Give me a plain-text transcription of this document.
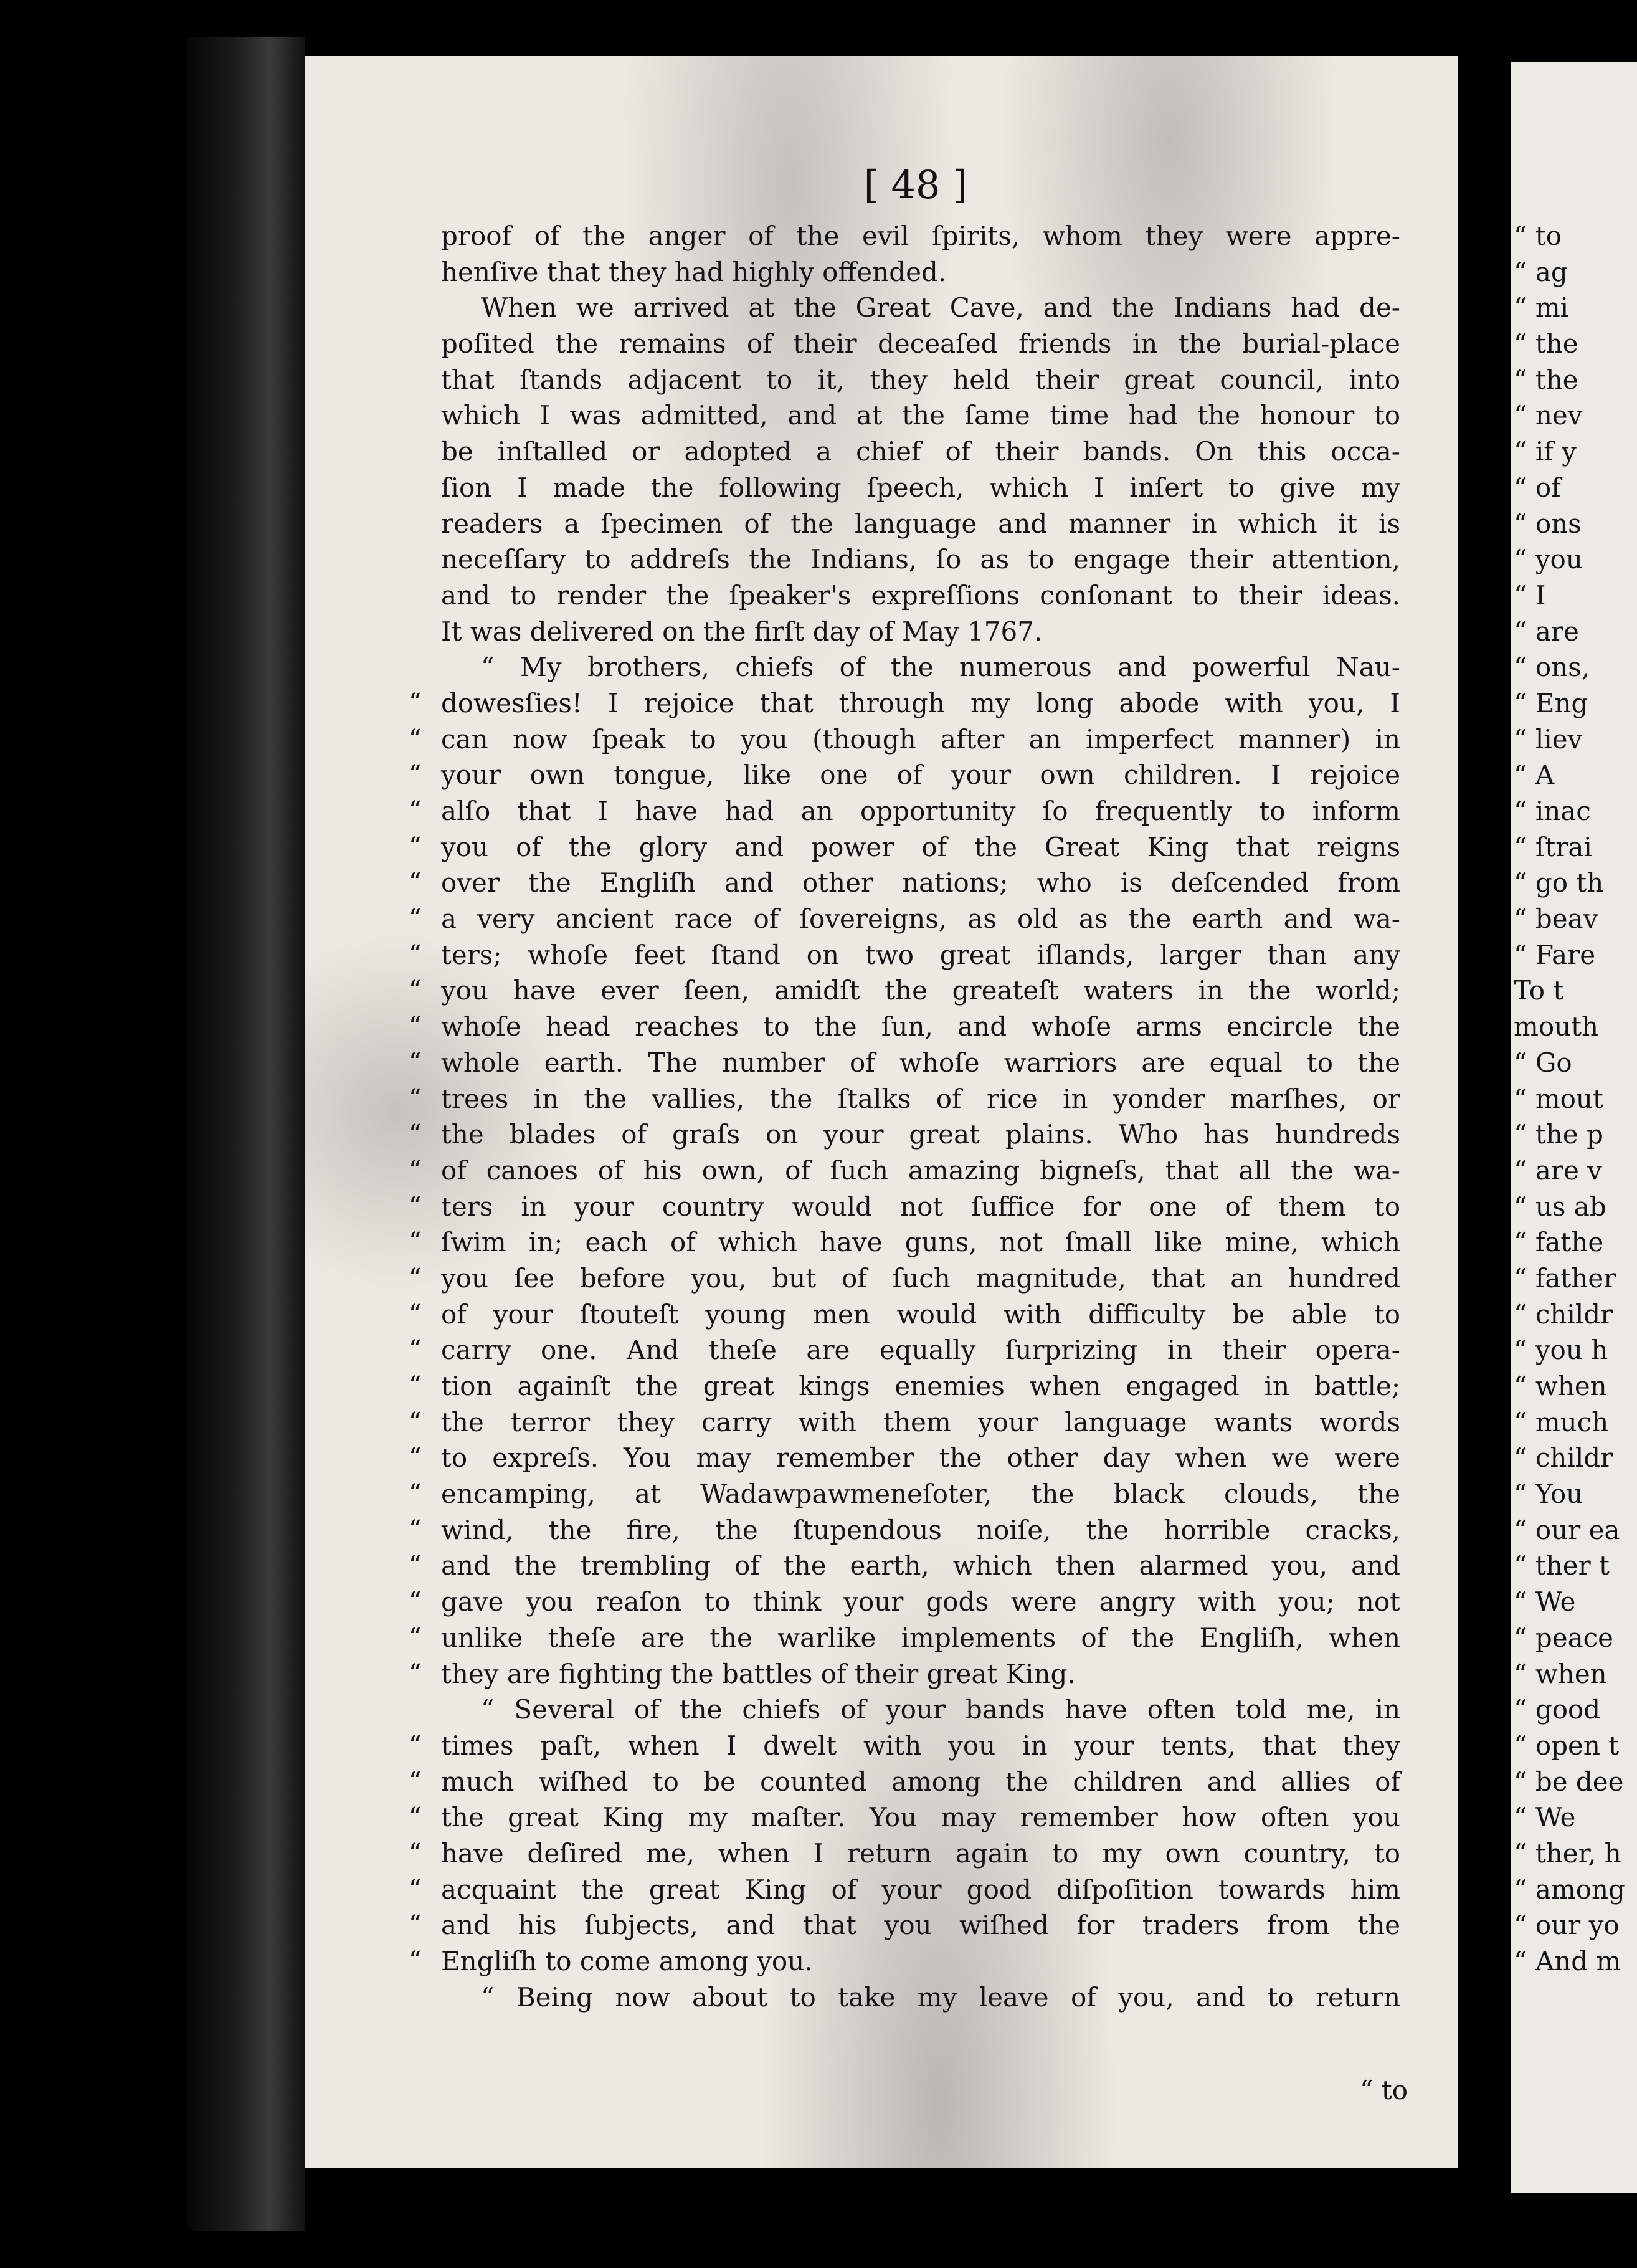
[ 48 ]
proof of the anger of the evil ſpirits, whom they were appre-
henſive that they had highly offended.
When we arrived at the Great Cave, and the Indians had de-
poſited the remains of their deceaſed friends in the burial-place
that ſtands adjacent to it, they held their great council, into
which I was admitted, and at the ſame time had the honour to
be inſtalled or adopted a chief of their bands. On this occa-
ſion I made the following ſpeech, which I inſert to give my
readers a ſpecimen of the language and manner in which it is
neceſſary to addreſs the Indians, ſo as to engage their attention,
and to render the ſpeaker's expreſſions conſonant to their ideas.
It was delivered on the firſt day of May 1767.
“ My brothers, chiefs of the numerous and powerful Nau-
“ dowesſies! I rejoice that through my long abode with you, I
“ can now ſpeak to you (though after an imperfect manner) in
“ your own tongue, like one of your own children. I rejoice
“ alſo that I have had an opportunity ſo frequently to inform
“ you of the glory and power of the Great King that reigns
“ over the Engliſh and other nations; who is deſcended from
“ a very ancient race of ſovereigns, as old as the earth and wa-
“ ters; whoſe feet ſtand on two great iſlands, larger than any
“ you have ever ſeen, amidſt the greateſt waters in the world;
“ whoſe head reaches to the ſun, and whoſe arms encircle the
“ whole earth. The number of whoſe warriors are equal to the
“ trees in the vallies, the ſtalks of rice in yonder marſhes, or
“ the blades of graſs on your great plains. Who has hundreds
“ of canoes of his own, of ſuch amazing bigneſs, that all the wa-
“ ters in your country would not ſuffice for one of them to
“ ſwim in; each of which have guns, not ſmall like mine, which
“ you ſee before you, but of ſuch magnitude, that an hundred
“ of your ſtouteſt young men would with difficulty be able to
“ carry one. And theſe are equally ſurprizing in their opera-
“ tion againſt the great kings enemies when engaged in battle;
“ the terror they carry with them your language wants words
“ to expreſs. You may remember the other day when we were
“ encamping, at Wadawpawmeneſoter, the black clouds, the
“ wind, the fire, the ſtupendous noiſe, the horrible cracks,
“ and the trembling of the earth, which then alarmed you, and
“ gave you reaſon to think your gods were angry with you; not
“ unlike theſe are the warlike implements of the Engliſh, when
“ they are fighting the battles of their great King.
“ Several of the chiefs of your bands have often told me, in
“ times paſt, when I dwelt with you in your tents, that they
“ much wiſhed to be counted among the children and allies of
“ the great King my maſter. You may remember how often you
“ have deſired me, when I return again to my own country, to
“ acquaint the great King of your good diſpoſition towards him
“ and his ſubjects, and that you wiſhed for traders from the
“ Engliſh to come among you.
“ Being now about to take my leave of you, and to return
“ to
“ to
“ ag
“ mi
“ the
“ the
“ nev
“ if y
“ of
“ ons
“ you
“ I
“ are
“ ons,
“ Eng
“ liev
“ A
“ inac
“ ſtrai
“ go th
“ beav
“ Fare
To t
mouth
“ Go
“ mout
“ the p
“ are v
“ us ab
“ fathe
“ father
“ childr
“ you h
“ when
“ much
“ childr
“ You
“ our ea
“ ther t
“ We
“ peace
“ when
“ good
“ open t
“ be dee
“ We
“ ther, h
“ among
“ our yo
“ And m
